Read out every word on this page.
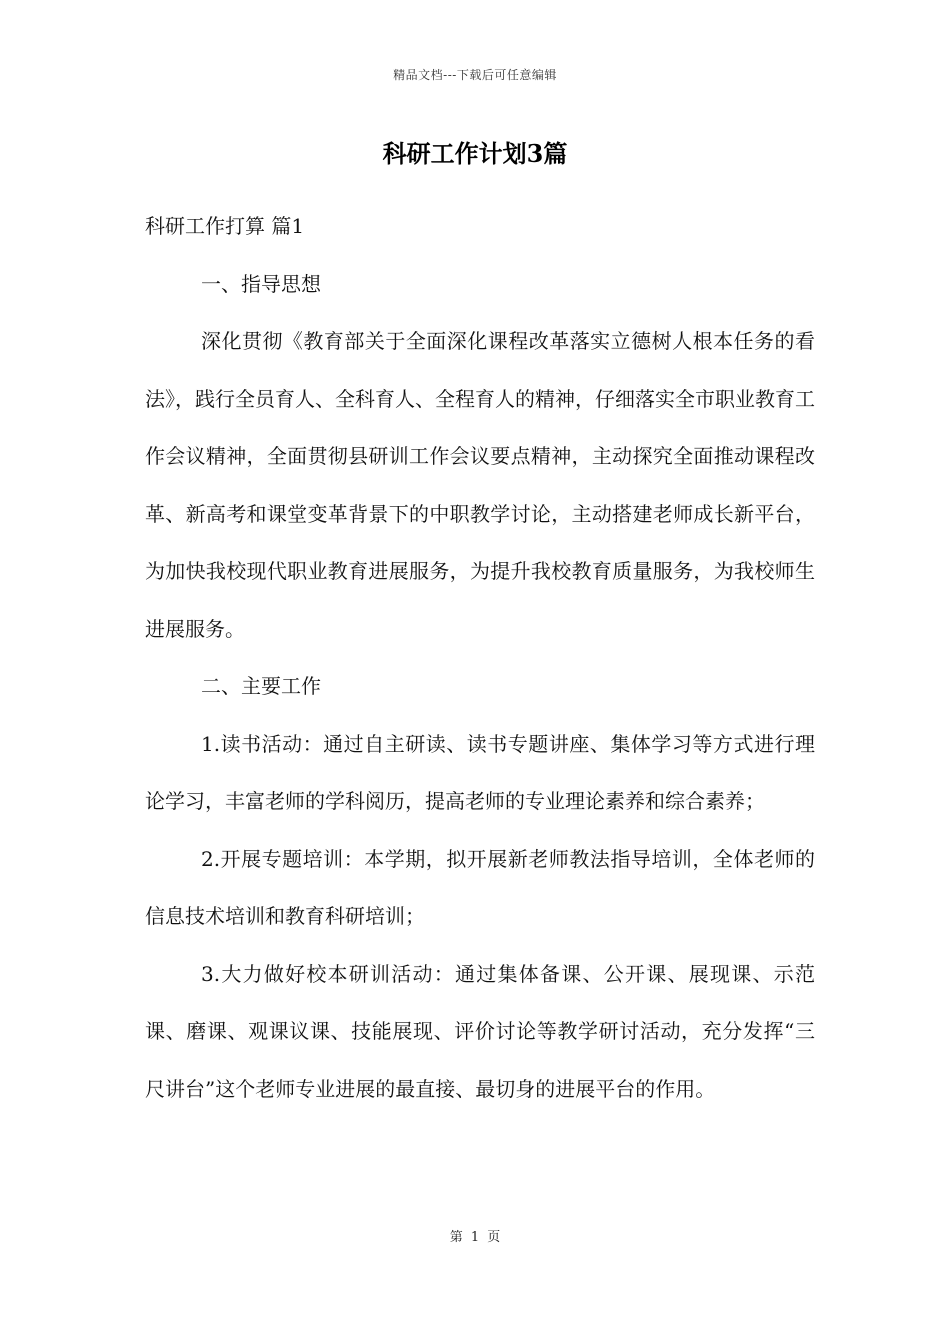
精品文档---下载后可任意编辑
科研工作计划3篇

科研工作打算 篇1

一、指导思想

深化贯彻《教育部关于全面深化课程改革落实立德树人根本任务的看法》，践行全员育人、全科育人、全程育人的精神，仔细落实全市职业教育工作会议精神，全面贯彻县研训工作会议要点精神，主动探究全面推动课程改革、新高考和课堂变革背景下的中职教学讨论，主动搭建老师成长新平台，为加快我校现代职业教育进展服务，为提升我校教育质量服务，为我校师生进展服务。

二、主要工作

1.读书活动：通过自主研读、读书专题讲座、集体学习等方式进行理论学习，丰富老师的学科阅历，提高老师的专业理论素养和综合素养；

2.开展专题培训：本学期，拟开展新老师教法指导培训，全体老师的信息技术培训和教育科研培训；

3.大力做好校本研训活动：通过集体备课、公开课、展现课、示范课、磨课、观课议课、技能展现、评价讨论等教学研讨活动，充分发挥“三尺讲台”这个老师专业进展的最直接、最切身的进展平台的作用。

第 1 页
